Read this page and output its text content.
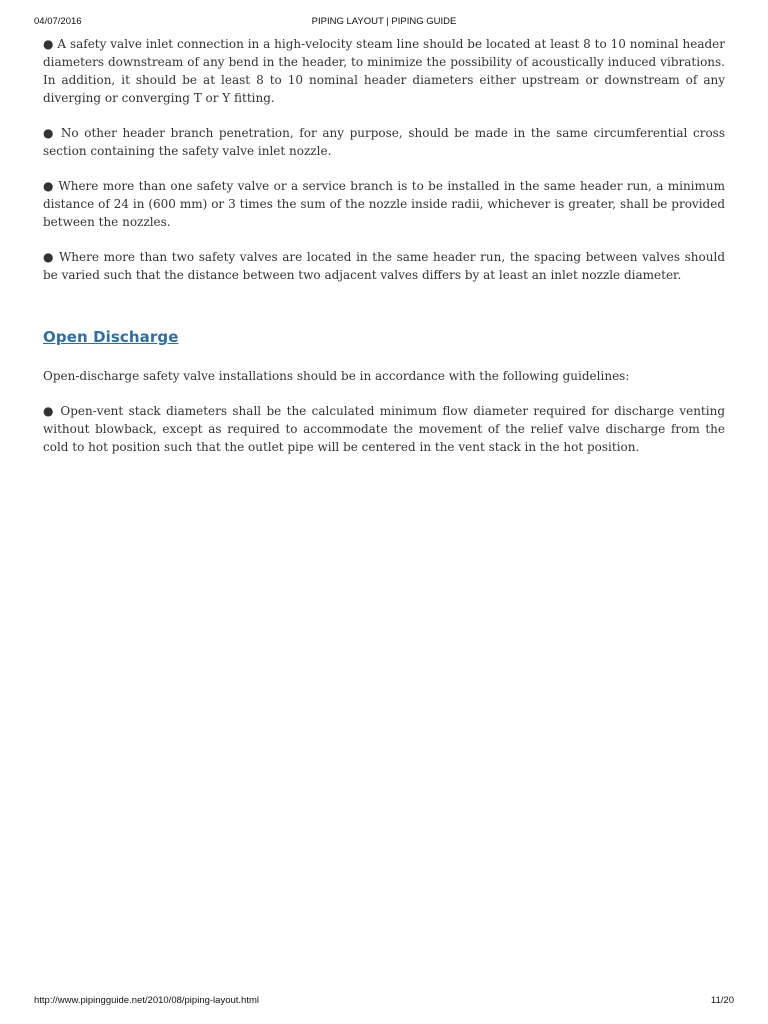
04/07/2016	PIPING LAYOUT | PIPING GUIDE

● A safety valve inlet connection in a high-velocity steam line should be located at least 8 to 10 nominal header diameters downstream of any bend in the header, to minimize the possibility of acoustically induced vibrations. In addition, it should be at least 8 to 10 nominal header diameters either upstream or downstream of any diverging or converging T or Y fitting.

● No other header branch penetration, for any purpose, should be made in the same circumferential cross section containing the safety valve inlet nozzle.

● Where more than one safety valve or a service branch is to be installed in the same header run, a minimum distance of 24 in (600 mm) or 3 times the sum of the nozzle inside radii, whichever is greater, shall be provided between the nozzles.

● Where more than two safety valves are located in the same header run, the spacing between valves should be varied such that the distance between two adjacent valves differs by at least an inlet nozzle diameter.

Open Discharge

Open-discharge safety valve installations should be in accordance with the following guidelines:

● Open-vent stack diameters shall be the calculated minimum flow diameter required for discharge venting without blowback, except as required to accommodate the movement of the relief valve discharge from the cold to hot position such that the outlet pipe will be centered in the vent stack in the hot position.

http://www.pipingguide.net/2010/08/piping-layout.html	11/20
